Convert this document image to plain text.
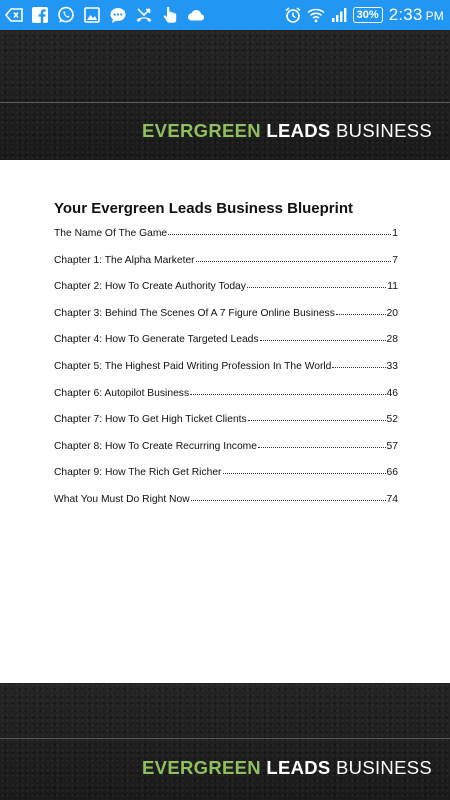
30% 2:33 PM
EVERGREEN LEADS BUSINESS
Your Evergreen Leads Business Blueprint
The Name Of The Game	1
Chapter 1: The Alpha Marketer	7
Chapter 2: How To Create Authority Today	11
Chapter 3: Behind The Scenes Of A 7 Figure Online Business	20
Chapter 4: How To Generate Targeted Leads	28
Chapter 5: The Highest Paid Writing Profession In The World	33
Chapter 6: Autopilot Business	46
Chapter 7: How To Get High Ticket Clients	52
Chapter 8: How To Create Recurring Income	57
Chapter 9: How The Rich Get Richer	66
What You Must Do Right Now	74
EVERGREEN LEADS BUSINESS
